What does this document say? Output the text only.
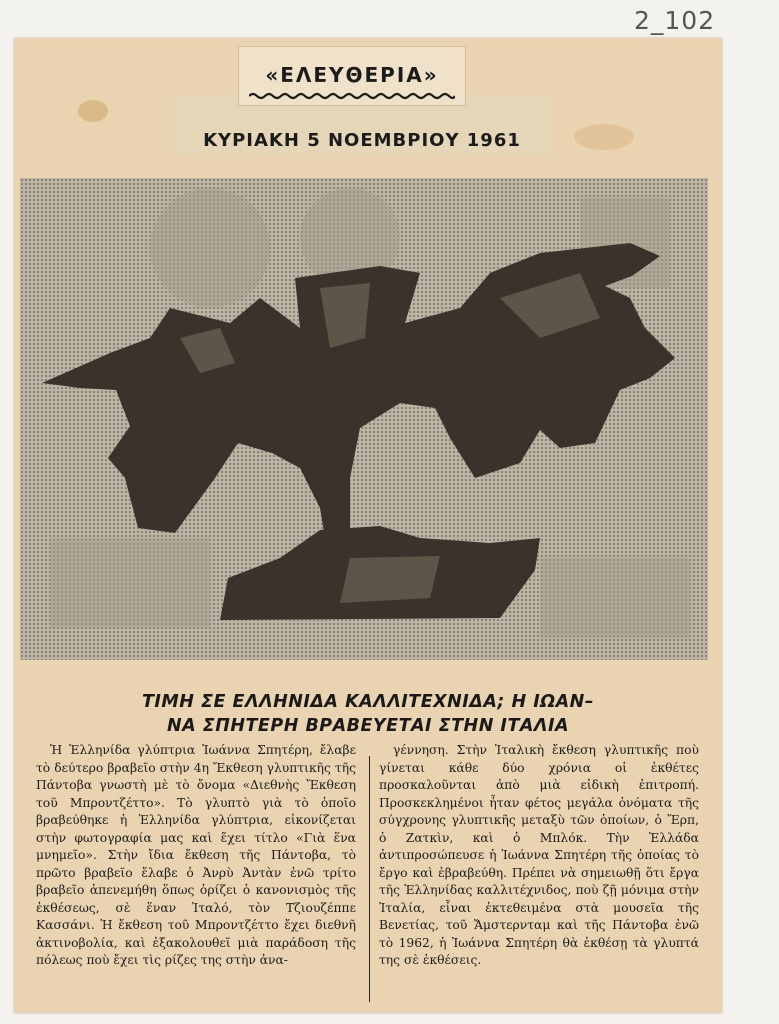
2_102
ΚΥΡΙΑΚΗ 5 ΝΟΕΜΒΡΙΟΥ 1961
«ΕΛΕΥΘΕΡΙΑ»
ΤΙΜΗ ΣΕ ΕΛΛΗΝΙΔΑ ΚΑΛΛΙΤΕΧΝΙΔΑ; Η ΙΩΑΝ–
ΝΑ ΣΠΗΤΕΡΗ ΒΡΑΒΕΥΕΤΑΙ ΣΤΗΝ ΙΤΑΛΙΑ

Ἡ Ἑλληνίδα γλύπτρια Ἰωάννα Σπητέρη, ἔλαβε τὸ δεύτερο βραβεῖο στὴν 4η Ἔκθεση γλυπτικῆς τῆς Πάντοβα γνωστὴ μὲ τὸ ὄνομα «Διεθνὴς Ἔκθεση τοῦ Μπροντζέττο». Τὸ γλυπτὸ γιὰ τὸ ὁποῖο βραβεύθηκε ἡ Ἑλληνίδα γλύπτρια, εἰκονίζεται στὴν φωτογραφία μας καὶ ἔχει τίτλο «Γιὰ ἕνα μνημεῖο». Στὴν ἴδια ἔκθεση τῆς Πάντοβα, τὸ πρῶτο βραβεῖο ἔλαβε ὁ Ἀνρὺ Ἀντὰν ἐνῶ τρίτο βραβεῖο ἀπενεμήθη ὅπως ὁρίζει ὁ κανονισμὸς τῆς ἐκθέσεως, σὲ ἕναν Ἰταλό, τὸν Τζιουζέππε Κασσάνι. Ἡ ἔκθεση τοῦ Μπροντζέττο ἔχει διεθνῆ ἀκτινοβολία, καὶ ἐξακολουθεῖ μιὰ παράδοση τῆς πόλεως ποὺ ἔχει τὶς ρίζες της στὴν ἀνα-

γέννηση. Στὴν Ἰταλικὴ ἔκθεση γλυπτικῆς ποὺ γίνεται κάθε δύο χρόνια οἱ ἐκθέτες προσκαλοῦνται ἀπὸ μιὰ εἰδικὴ ἐπιτροπή. Προσκεκλημένοι ἦταν φέτος μεγάλα ὀνόματα τῆς σύγχρονης γλυπτικῆς μεταξὺ τῶν ὁποίων, ὁ Ἔρπ, ὁ Ζατκὶν, καὶ ὁ Μπλόκ. Τὴν Ἑλλάδα ἀντιπροσώπευσε ἡ Ἰωάννα Σπητέρη τῆς ὁποίας τὸ ἔργο καὶ ἐβραβεύθη. Πρέπει νὰ σημειωθῇ ὅτι ἔργα τῆς Ἑλληνίδας καλλιτέχνιδος, ποὺ ζῇ μόνιμα στὴν Ἰταλία, εἶναι ἐκτεθειμένα στὰ μουσεῖα τῆς Βενετίας, τοῦ Ἄμστερνταμ καὶ τῆς Πάντοβα ἐνῶ τὸ 1962, ἡ Ἰωάννα Σπητέρη θὰ ἐκθέσῃ τὰ γλυπτά της σὲ ἐκθέσεις.
